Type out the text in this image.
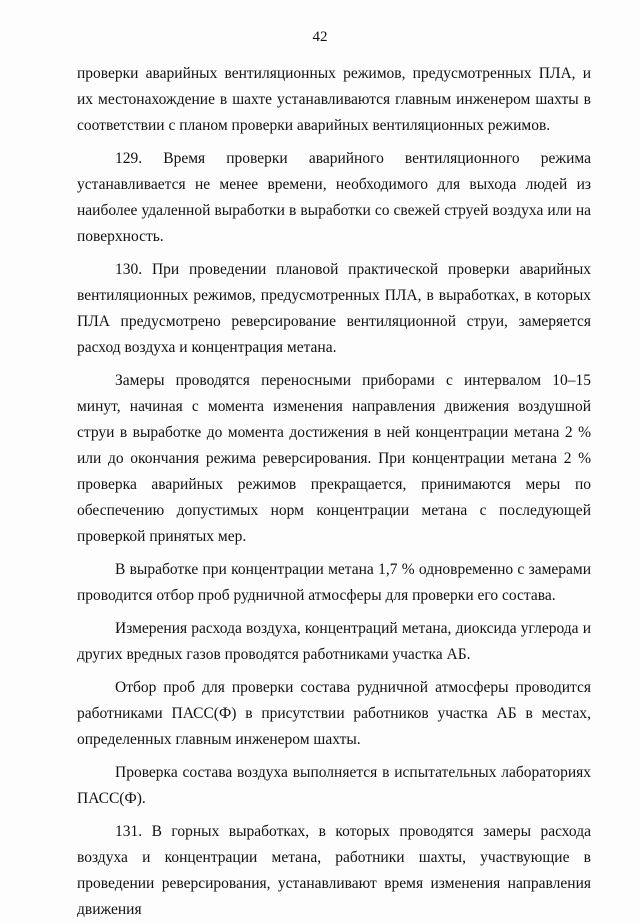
42

проверки аварийных вентиляционных режимов, предусмотренных ПЛА, и их местонахождение в шахте устанавливаются главным инженером шахты в соответствии с планом проверки аварийных вентиляционных режимов.

129. Время проверки аварийного вентиляционного режима устанавливается не менее времени, необходимого для выхода людей из наиболее удаленной выработки в выработки со свежей струей воздуха или на поверхность.

130. При проведении плановой практической проверки аварийных вентиляционных режимов, предусмотренных ПЛА, в выработках, в которых ПЛА предусмотрено реверсирование вентиляционной струи, замеряется расход воздуха и концентрация метана.

Замеры проводятся переносными приборами с интервалом 10–15 минут, начиная с момента изменения направления движения воздушной струи в выработке до момента достижения в ней концентрации метана 2 % или до окончания режима реверсирования. При концентрации метана 2 % проверка аварийных режимов прекращается, принимаются меры по обеспечению допустимых норм концентрации метана с последующей проверкой принятых мер.

В выработке при концентрации метана 1,7 % одновременно с замерами проводится отбор проб рудничной атмосферы для проверки его состава.

Измерения расхода воздуха, концентраций метана, диоксида углерода и других вредных газов проводятся работниками участка АБ.

Отбор проб для проверки состава рудничной атмосферы проводится работниками ПАСС(Ф) в присутствии работников участка АБ в местах, определенных главным инженером шахты.

Проверка состава воздуха выполняется в испытательных лабораториях ПАСС(Ф).

131. В горных выработках, в которых проводятся замеры расхода воздуха и концентрации метана, работники шахты, участвующие в проведении реверсирования, устанавливают время изменения направления движения
